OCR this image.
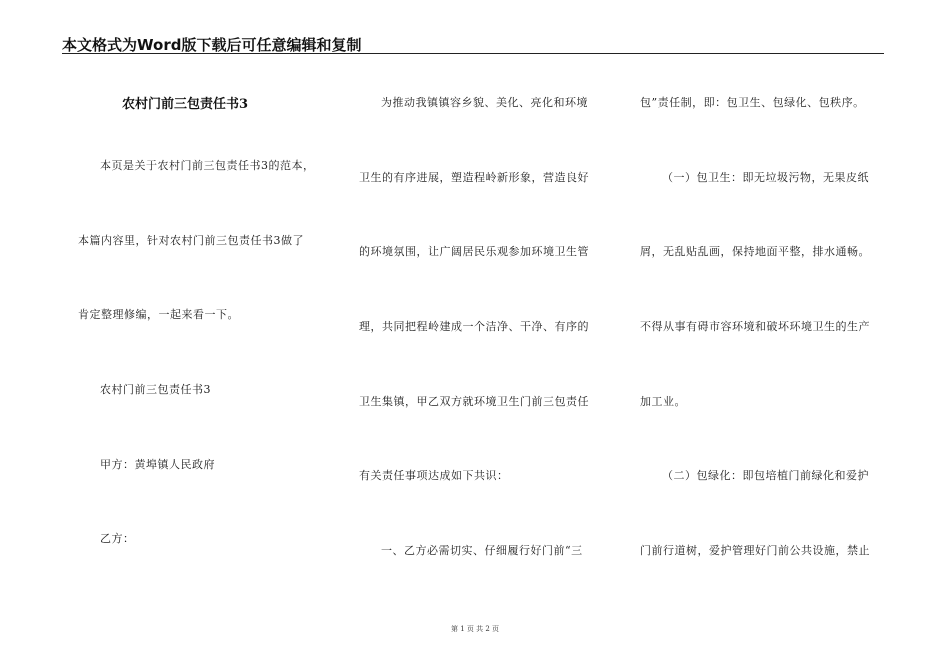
本文格式为Word版下载后可任意编辑和复制
农村门前三包责任书3
本页是关于农村门前三包责任书3的范本，
本篇内容里，针对农村门前三包责任书3做了
肯定整理修编，一起来看一下。
农村门前三包责任书3
甲方：黄埠镇人民政府
乙方：
为推动我镇镇容乡貌、美化、亮化和环境
卫生的有序进展，塑造程岭新形象，营造良好
的环境氛围，让广阔居民乐观参加环境卫生管
理，共同把程岭建成一个洁净、干净、有序的
卫生集镇，甲乙双方就环境卫生门前三包责任
有关责任事项达成如下共识：
一、乙方必需切实、仔细履行好门前“三
包”责任制，即：包卫生、包绿化、包秩序。
（一）包卫生：即无垃圾污物，无果皮纸
屑，无乱贴乱画，保持地面平整，排水通畅。
不得从事有碍市容环境和破坏环境卫生的生产
加工业。
（二）包绿化：即包培植门前绿化和爱护
门前行道树，爱护管理好门前公共设施，禁止
第 1 页 共 2 页
